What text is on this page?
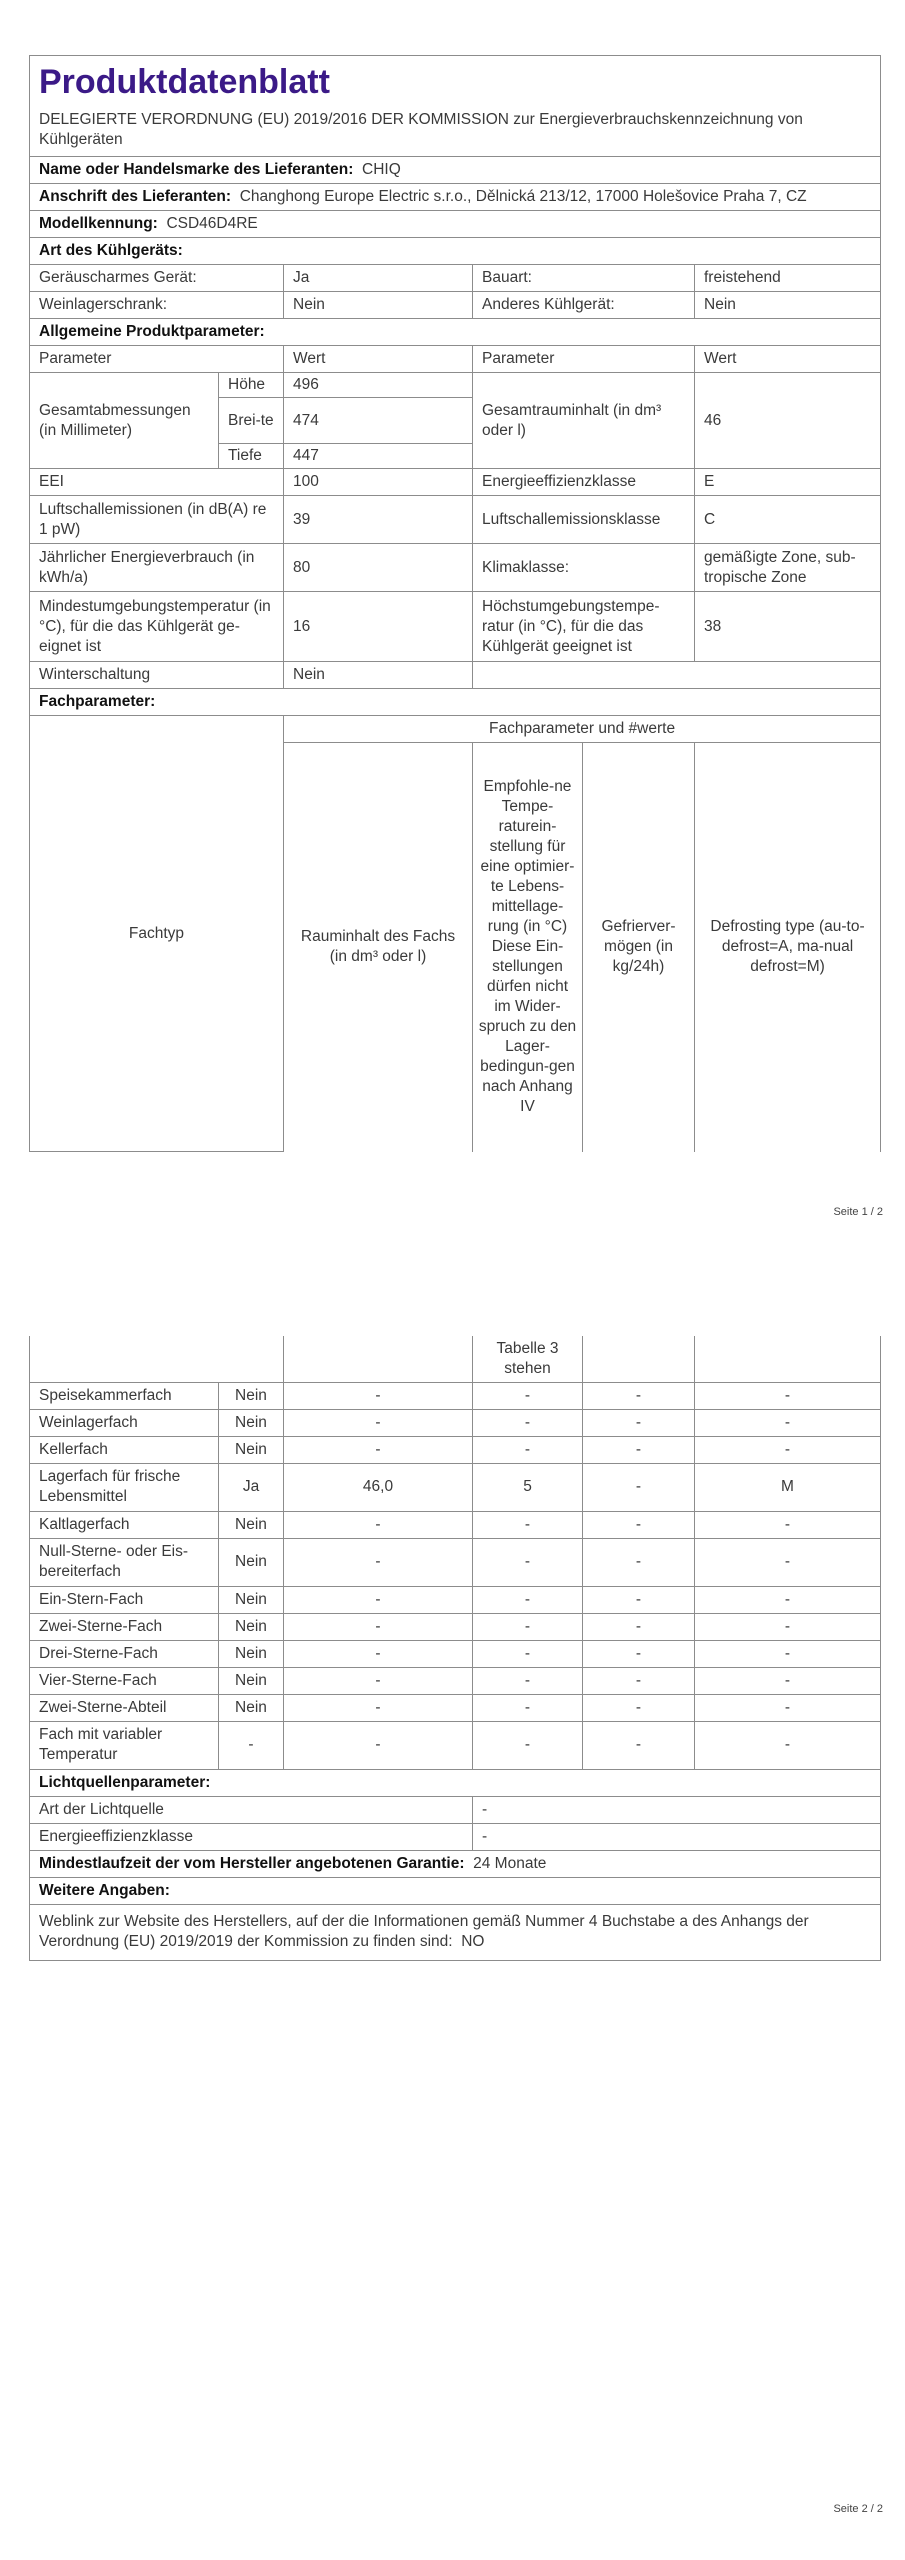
Produktdatenblatt
DELEGIERTE VERORDNUNG (EU) 2019/2016 DER KOMMISSION zur Energieverbrauchskennzeichnung von Kühlgeräten					

Name oder Handelsmarke des Lieferanten: CHIQ					
Anschrift des Lieferanten: Changhong Europe Electric s.r.o., Dělnická 213/12, 17000 Holešovice Praha 7, CZ					
Modellkennung: CSD46D4RE					
Art des Kühlgeräts:					
Geräuscharmes Gerät:		Ja	Bauart:		freistehend
Weinlagerschrank:		Nein	Anderes Kühlgerät:		Nein
Allgemeine Produktparameter:					
Parameter		Wert	Parameter		Wert
Gesamtabmessungen (in Millimeter)	Höhe	496	Gesamtrauminhalt (in dm³ oder l)		46
	Brei-te	474			
	Tiefe	447			
EEI		100	Energieeffizienzklasse		E
Luftschallemissionen (in dB(A) re 1 pW)		39	Luftschallemissionsklasse		C
Jährlicher Energieverbrauch (in kWh/a)		80	Klimaklasse:		gemäßigte Zone, sub-tropische Zone
Mindestumgebungstemperatur (in °C), für die das Kühlgerät ge-eignet ist		16	Höchstumgebungstempe-ratur (in °C), für die das Kühlgerät geeignet ist		38
Winterschaltung		Nein			
Fachparameter:					
Fachtyp		Fachparameter und #werte			
		Rauminhalt des Fachs (in dm³ oder l)	Empfohle-ne Tempe-raturein-stellung für eine optimier-te Lebens-mittellage-rung (in °C) Diese Ein-stellungen dürfen nicht im Wider-spruch zu den Lager-bedingun-gen nach Anhang IV	Gefrierver-mögen (in kg/24h)	Defrosting type (au-to-defrost=A, ma-nual defrost=M)
Seite 1 / 2
Seite 2 / 2
			Tabelle 3 stehen		
Speisekammerfach	Nein	-	-	-	-
Weinlagerfach	Nein	-	-	-	-
Kellerfach	Nein	-	-	-	-
Lagerfach für frische Lebensmittel	Ja	46,0	5	-	M
Kaltlagerfach	Nein	-	-	-	-
Null-Sterne- oder Eis-bereiterfach	Nein	-	-	-	-
Ein-Stern-Fach	Nein	-	-	-	-
Zwei-Sterne-Fach	Nein	-	-	-	-
Drei-Sterne-Fach	Nein	-	-	-	-
Vier-Sterne-Fach	Nein	-	-	-	-
Zwei-Sterne-Abteil	Nein	-	-	-	-
Fach mit variabler Temperatur	-	-	-	-	-
Lichtquellenparameter:					
Art der Lichtquelle			-		
Energieeffizienzklasse			-		
Mindestlaufzeit der vom Hersteller angebotenen Garantie: 24 Monate					
Weitere Angaben:					
Weblink zur Website des Herstellers, auf der die Informationen gemäß Nummer 4 Buchstabe a des Anhangs der Verordnung (EU) 2019/2019 der Kommission zu finden sind: NO					
